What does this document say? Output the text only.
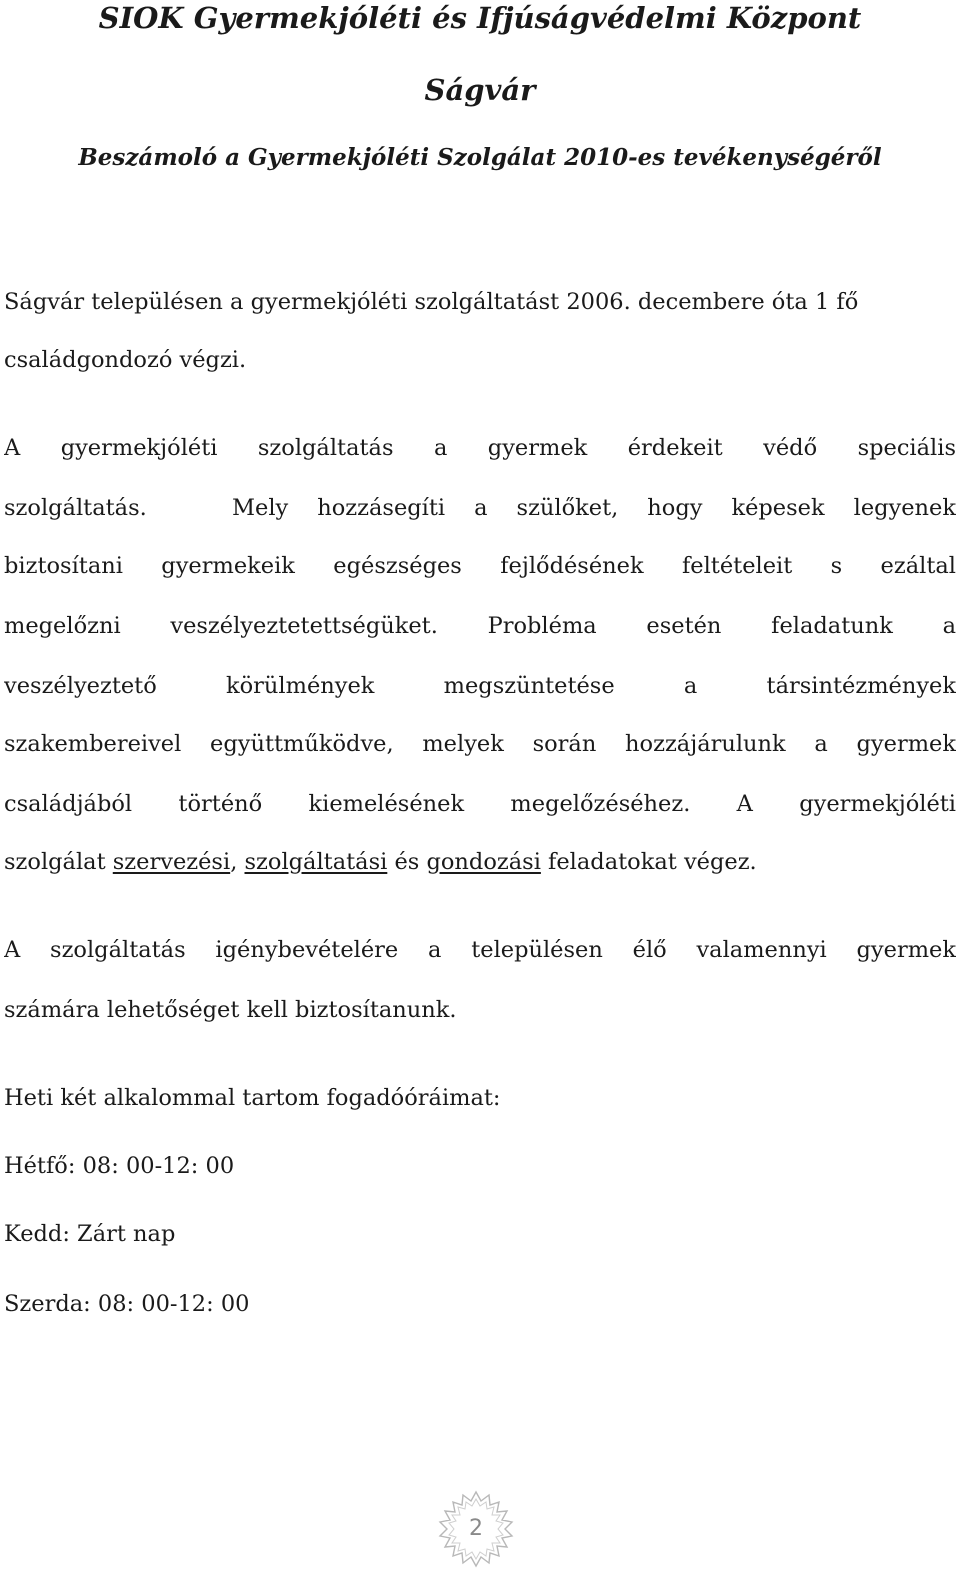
SIOK Gyermekjóléti és Ifjúságvédelmi Központ
Ságvár
Beszámoló a Gyermekjóléti Szolgálat 2010-es tevékenységéről

Ságvár településen a gyermekjóléti szolgáltatást 2006. decembere óta 1 fő

családgondozó végzi.

A gyermekjóléti szolgáltatás a gyermek érdekeit védő speciális

szolgáltatás.	Mely hozzásegíti a szülőket, hogy képesek legyenek

biztosítani gyermekeik egészséges fejlődésének feltételeit s ezáltal

megelőzni veszélyeztetettségüket. Probléma esetén feladatunk a

veszélyeztető körülmények megszüntetése a társintézmények

szakembereivel együttműködve, melyek során hozzájárulunk a gyermek

családjából történő kiemelésének megelőzéséhez. A gyermekjóléti

szolgálat szervezési, szolgáltatási és gondozási feladatokat végez.

A szolgáltatás igénybevételére a településen élő valamennyi gyermek

számára lehetőséget kell biztosítanunk.

Heti két alkalommal tartom fogadóóráimat:

Hétfő: 08: 00-12: 00

Kedd: Zárt nap

Szerda: 08: 00-12: 00

2
